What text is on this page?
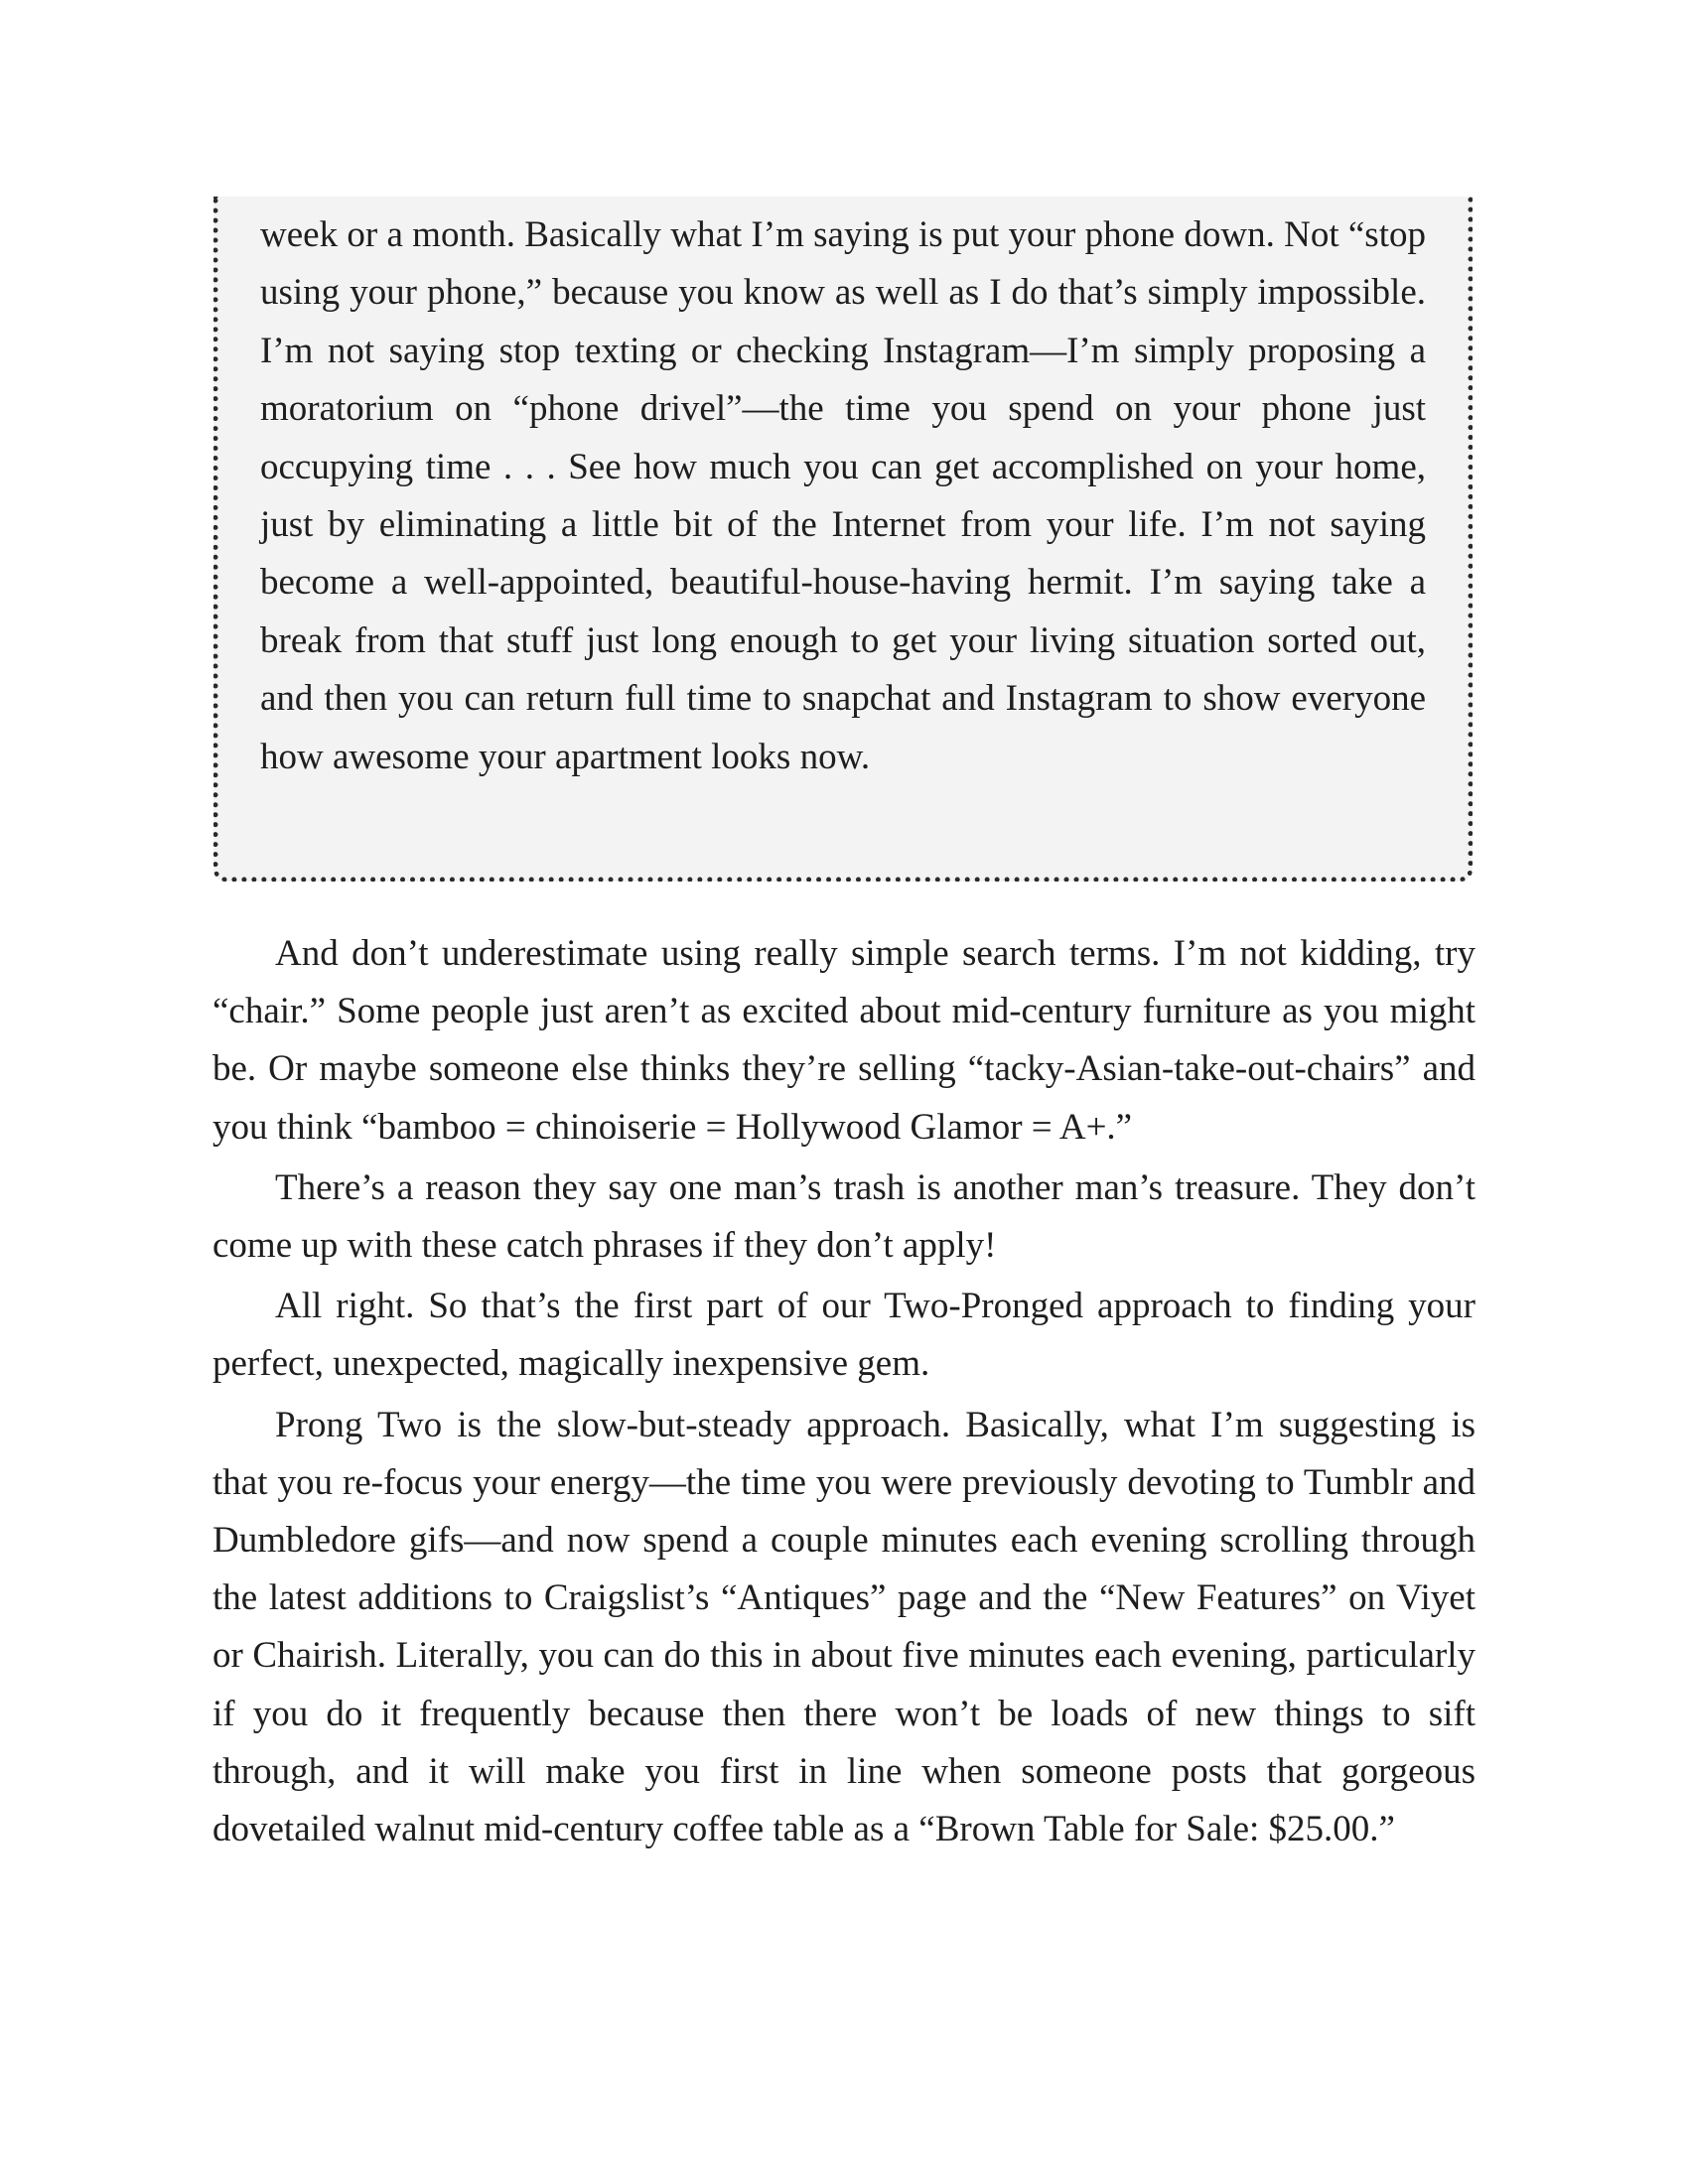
week or a month. Basically what I’m saying is put your phone down. Not “stop using your phone,” because you know as well as I do that’s simply impossible. I’m not saying stop texting or checking Instagram—I’m simply proposing a moratorium on “phone drivel”—the time you spend on your phone just occupying time . . . See how much you can get accomplished on your home, just by eliminating a little bit of the Internet from your life. I’m not saying become a well-appointed, beautiful-house-having hermit. I’m saying take a break from that stuff just long enough to get your living situation sorted out, and then you can return full time to snapchat and Instagram to show everyone how awesome your apartment looks now.

And don’t underestimate using really simple search terms. I’m not kidding, try “chair.” Some people just aren’t as excited about mid-century furniture as you might be. Or maybe someone else thinks they’re selling “tacky-Asian-take-out-chairs” and you think “bamboo = chinoiserie = Hollywood Glamor = A+.”

There’s a reason they say one man’s trash is another man’s treasure. They don’t come up with these catch phrases if they don’t apply!

All right. So that’s the first part of our Two-Pronged approach to finding your perfect, unexpected, magically inexpensive gem.

Prong Two is the slow-but-steady approach. Basically, what I’m suggesting is that you re-focus your energy—the time you were previously devoting to Tumblr and Dumbledore gifs—and now spend a couple minutes each evening scrolling through the latest additions to Craigslist’s “Antiques” page and the “New Features” on Viyet or Chairish. Literally, you can do this in about five minutes each evening, particularly if you do it frequently because then there won’t be loads of new things to sift through, and it will make you first in line when someone posts that gorgeous dovetailed walnut mid-century coffee table as a “Brown Table for Sale: $25.00.”
